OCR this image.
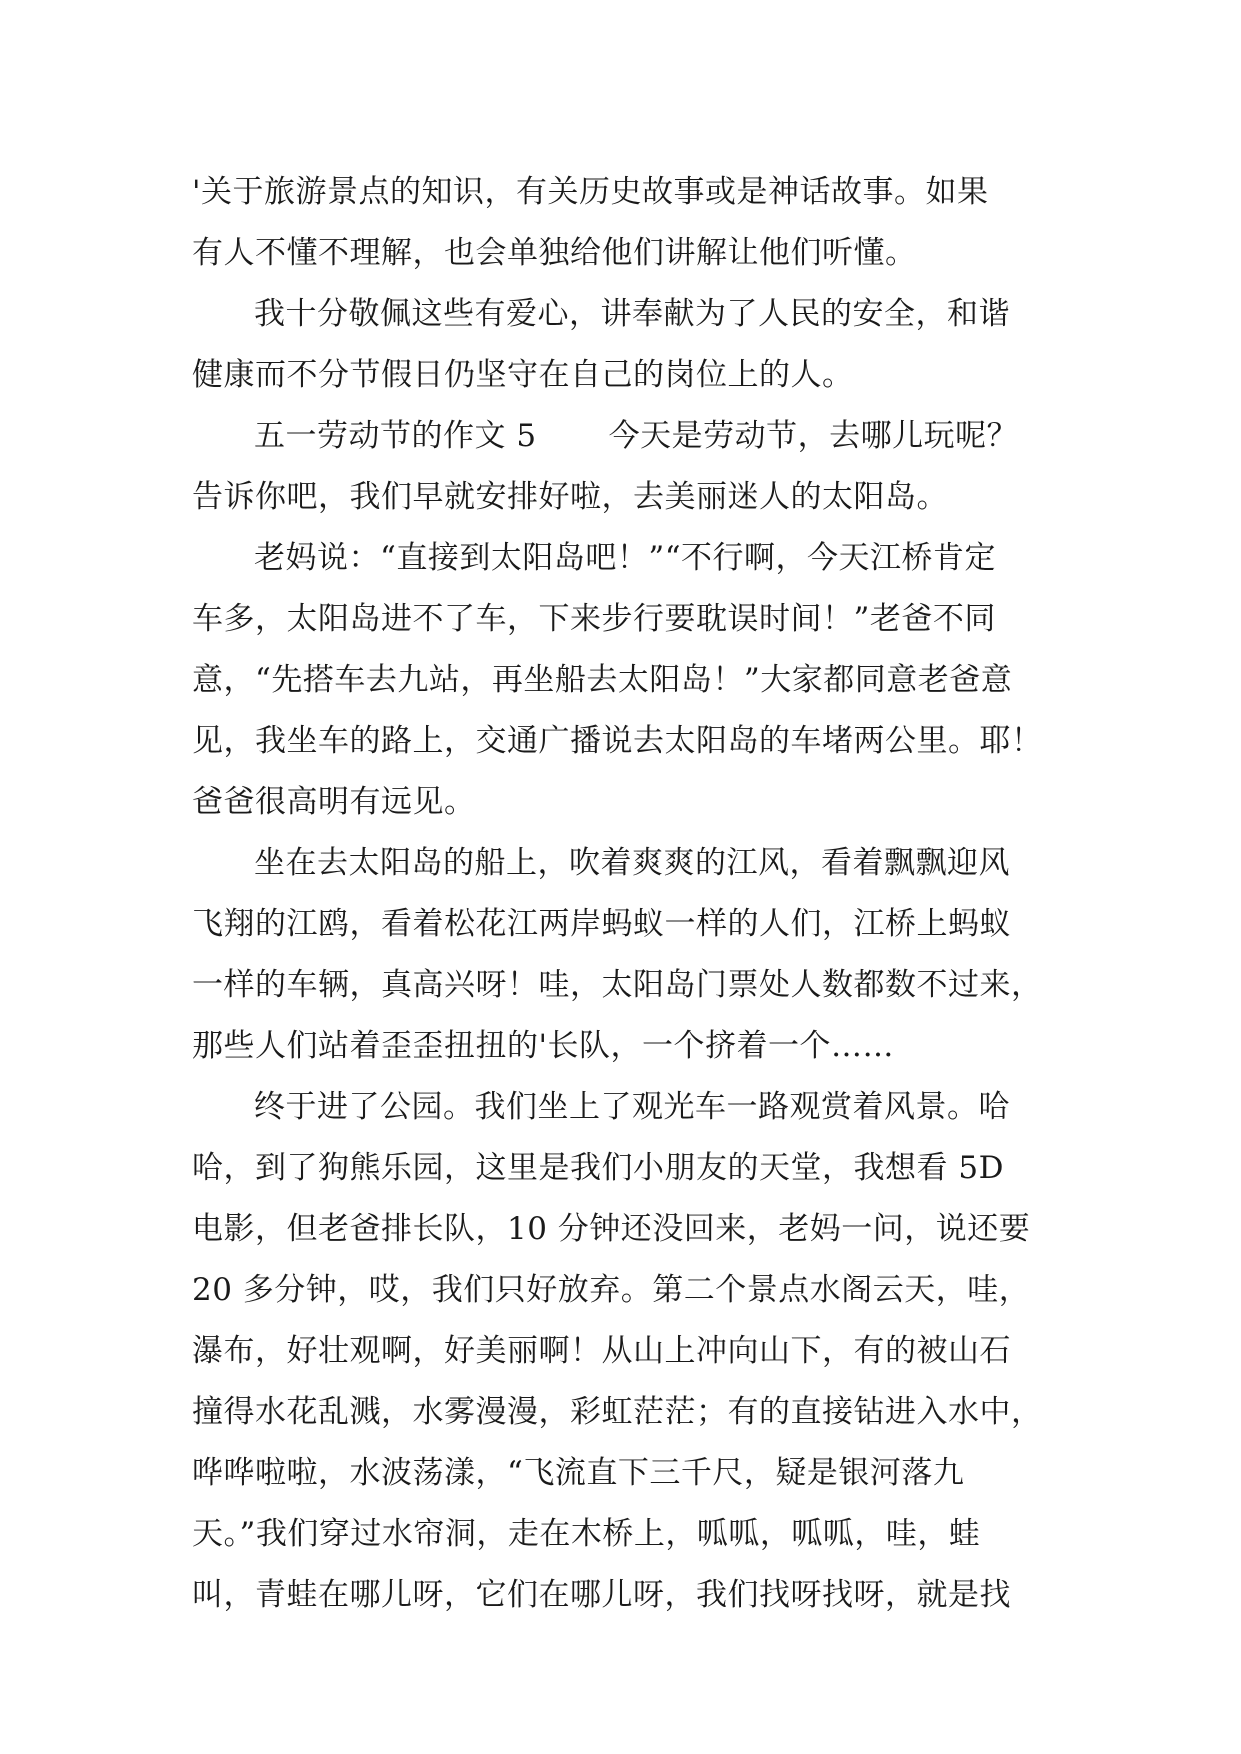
'关于旅游景点的知识，有关历史故事或是神话故事。如果
有人不懂不理解，也会单独给他们讲解让他们听懂。
我十分敬佩这些有爱心，讲奉献为了人民的安全，和谐
健康而不分节假日仍坚守在自己的岗位上的人。
五一劳动节的作文 5	今天是劳动节，去哪儿玩呢？
告诉你吧，我们早就安排好啦，去美丽迷人的太阳岛。
老妈说：“直接到太阳岛吧！”“不行啊，今天江桥肯定
车多，太阳岛进不了车，下来步行要耽误时间！”老爸不同
意，“先搭车去九站，再坐船去太阳岛！”大家都同意老爸意
见，我坐车的路上，交通广播说去太阳岛的车堵两公里。耶！
爸爸很高明有远见。
坐在去太阳岛的船上，吹着爽爽的江风，看着飘飘迎风
飞翔的江鸥，看着松花江两岸蚂蚁一样的人们，江桥上蚂蚁
一样的车辆，真高兴呀！哇，太阳岛门票处人数都数不过来，
那些人们站着歪歪扭扭的'长队，一个挤着一个……
终于进了公园。我们坐上了观光车一路观赏着风景。哈
哈，到了狗熊乐园，这里是我们小朋友的天堂，我想看 5D
电影，但老爸排长队，10 分钟还没回来，老妈一问，说还要
20 多分钟，哎，我们只好放弃。第二个景点水阁云天，哇，
瀑布，好壮观啊，好美丽啊！从山上冲向山下，有的被山石
撞得水花乱溅，水雾漫漫，彩虹茫茫；有的直接钻进入水中，
哗哗啦啦，水波荡漾，“飞流直下三千尺，疑是银河落九
天。”我们穿过水帘洞，走在木桥上，呱呱，呱呱，哇，蛙
叫，青蛙在哪儿呀，它们在哪儿呀，我们找呀找呀，就是找
